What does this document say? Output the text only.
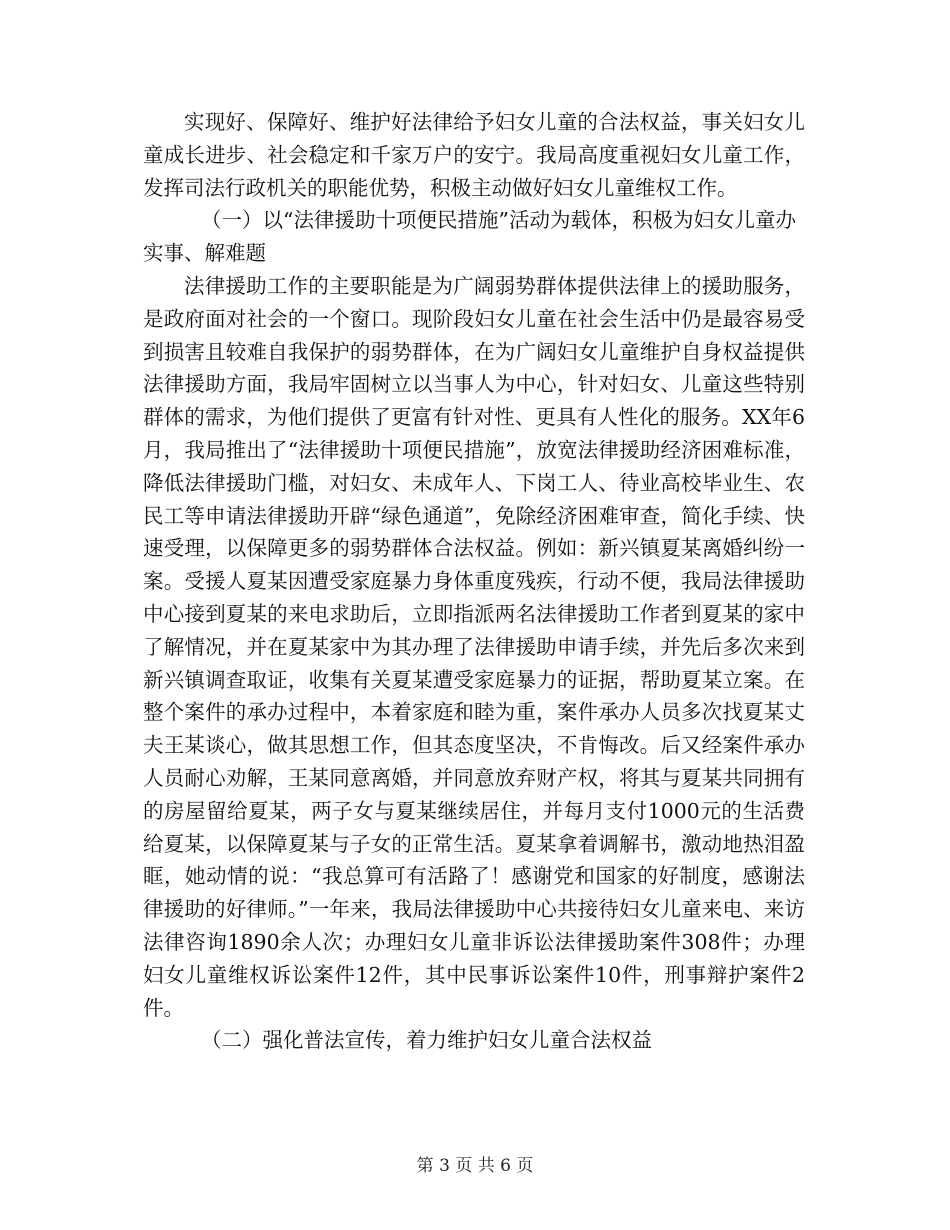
实现好、保障好、维护好法律给予妇女儿童的合法权益，事关妇女儿童成长进步、社会稳定和千家万户的安宁。我局高度重视妇女儿童工作，发挥司法行政机关的职能优势，积极主动做好妇女儿童维权工作。

（一）以“法律援助十项便民措施”活动为载体，积极为妇女儿童办实事、解难题

法律援助工作的主要职能是为广阔弱势群体提供法律上的援助服务，是政府面对社会的一个窗口。现阶段妇女儿童在社会生活中仍是最容易受到损害且较难自我保护的弱势群体，在为广阔妇女儿童维护自身权益提供法律援助方面，我局牢固树立以当事人为中心，针对妇女、儿童这些特别群体的需求，为他们提供了更富有针对性、更具有人性化的服务。XX年6月，我局推出了“法律援助十项便民措施”，放宽法律援助经济困难标准，降低法律援助门槛，对妇女、未成年人、下岗工人、待业高校毕业生、农民工等申请法律援助开辟“绿色通道”，免除经济困难审查，简化手续、快速受理，以保障更多的弱势群体合法权益。例如：新兴镇夏某离婚纠纷一案。受援人夏某因遭受家庭暴力身体重度残疾，行动不便，我局法律援助中心接到夏某的来电求助后，立即指派两名法律援助工作者到夏某的家中了解情况，并在夏某家中为其办理了法律援助申请手续，并先后多次来到新兴镇调查取证，收集有关夏某遭受家庭暴力的证据，帮助夏某立案。在整个案件的承办过程中，本着家庭和睦为重，案件承办人员多次找夏某丈夫王某谈心，做其思想工作，但其态度坚决，不肯悔改。后又经案件承办人员耐心劝解，王某同意离婚，并同意放弃财产权，将其与夏某共同拥有的房屋留给夏某，两子女与夏某继续居住，并每月支付1000元的生活费给夏某，以保障夏某与子女的正常生活。夏某拿着调解书，激动地热泪盈眶，她动情的说：“我总算可有活路了！感谢党和国家的好制度，感谢法律援助的好律师。”一年来，我局法律援助中心共接待妇女儿童来电、来访法律咨询1890余人次；办理妇女儿童非诉讼法律援助案件308件；办理妇女儿童维权诉讼案件12件，其中民事诉讼案件10件，刑事辩护案件2件。

（二）强化普法宣传，着力维护妇女儿童合法权益

第 3 页 共 6 页
